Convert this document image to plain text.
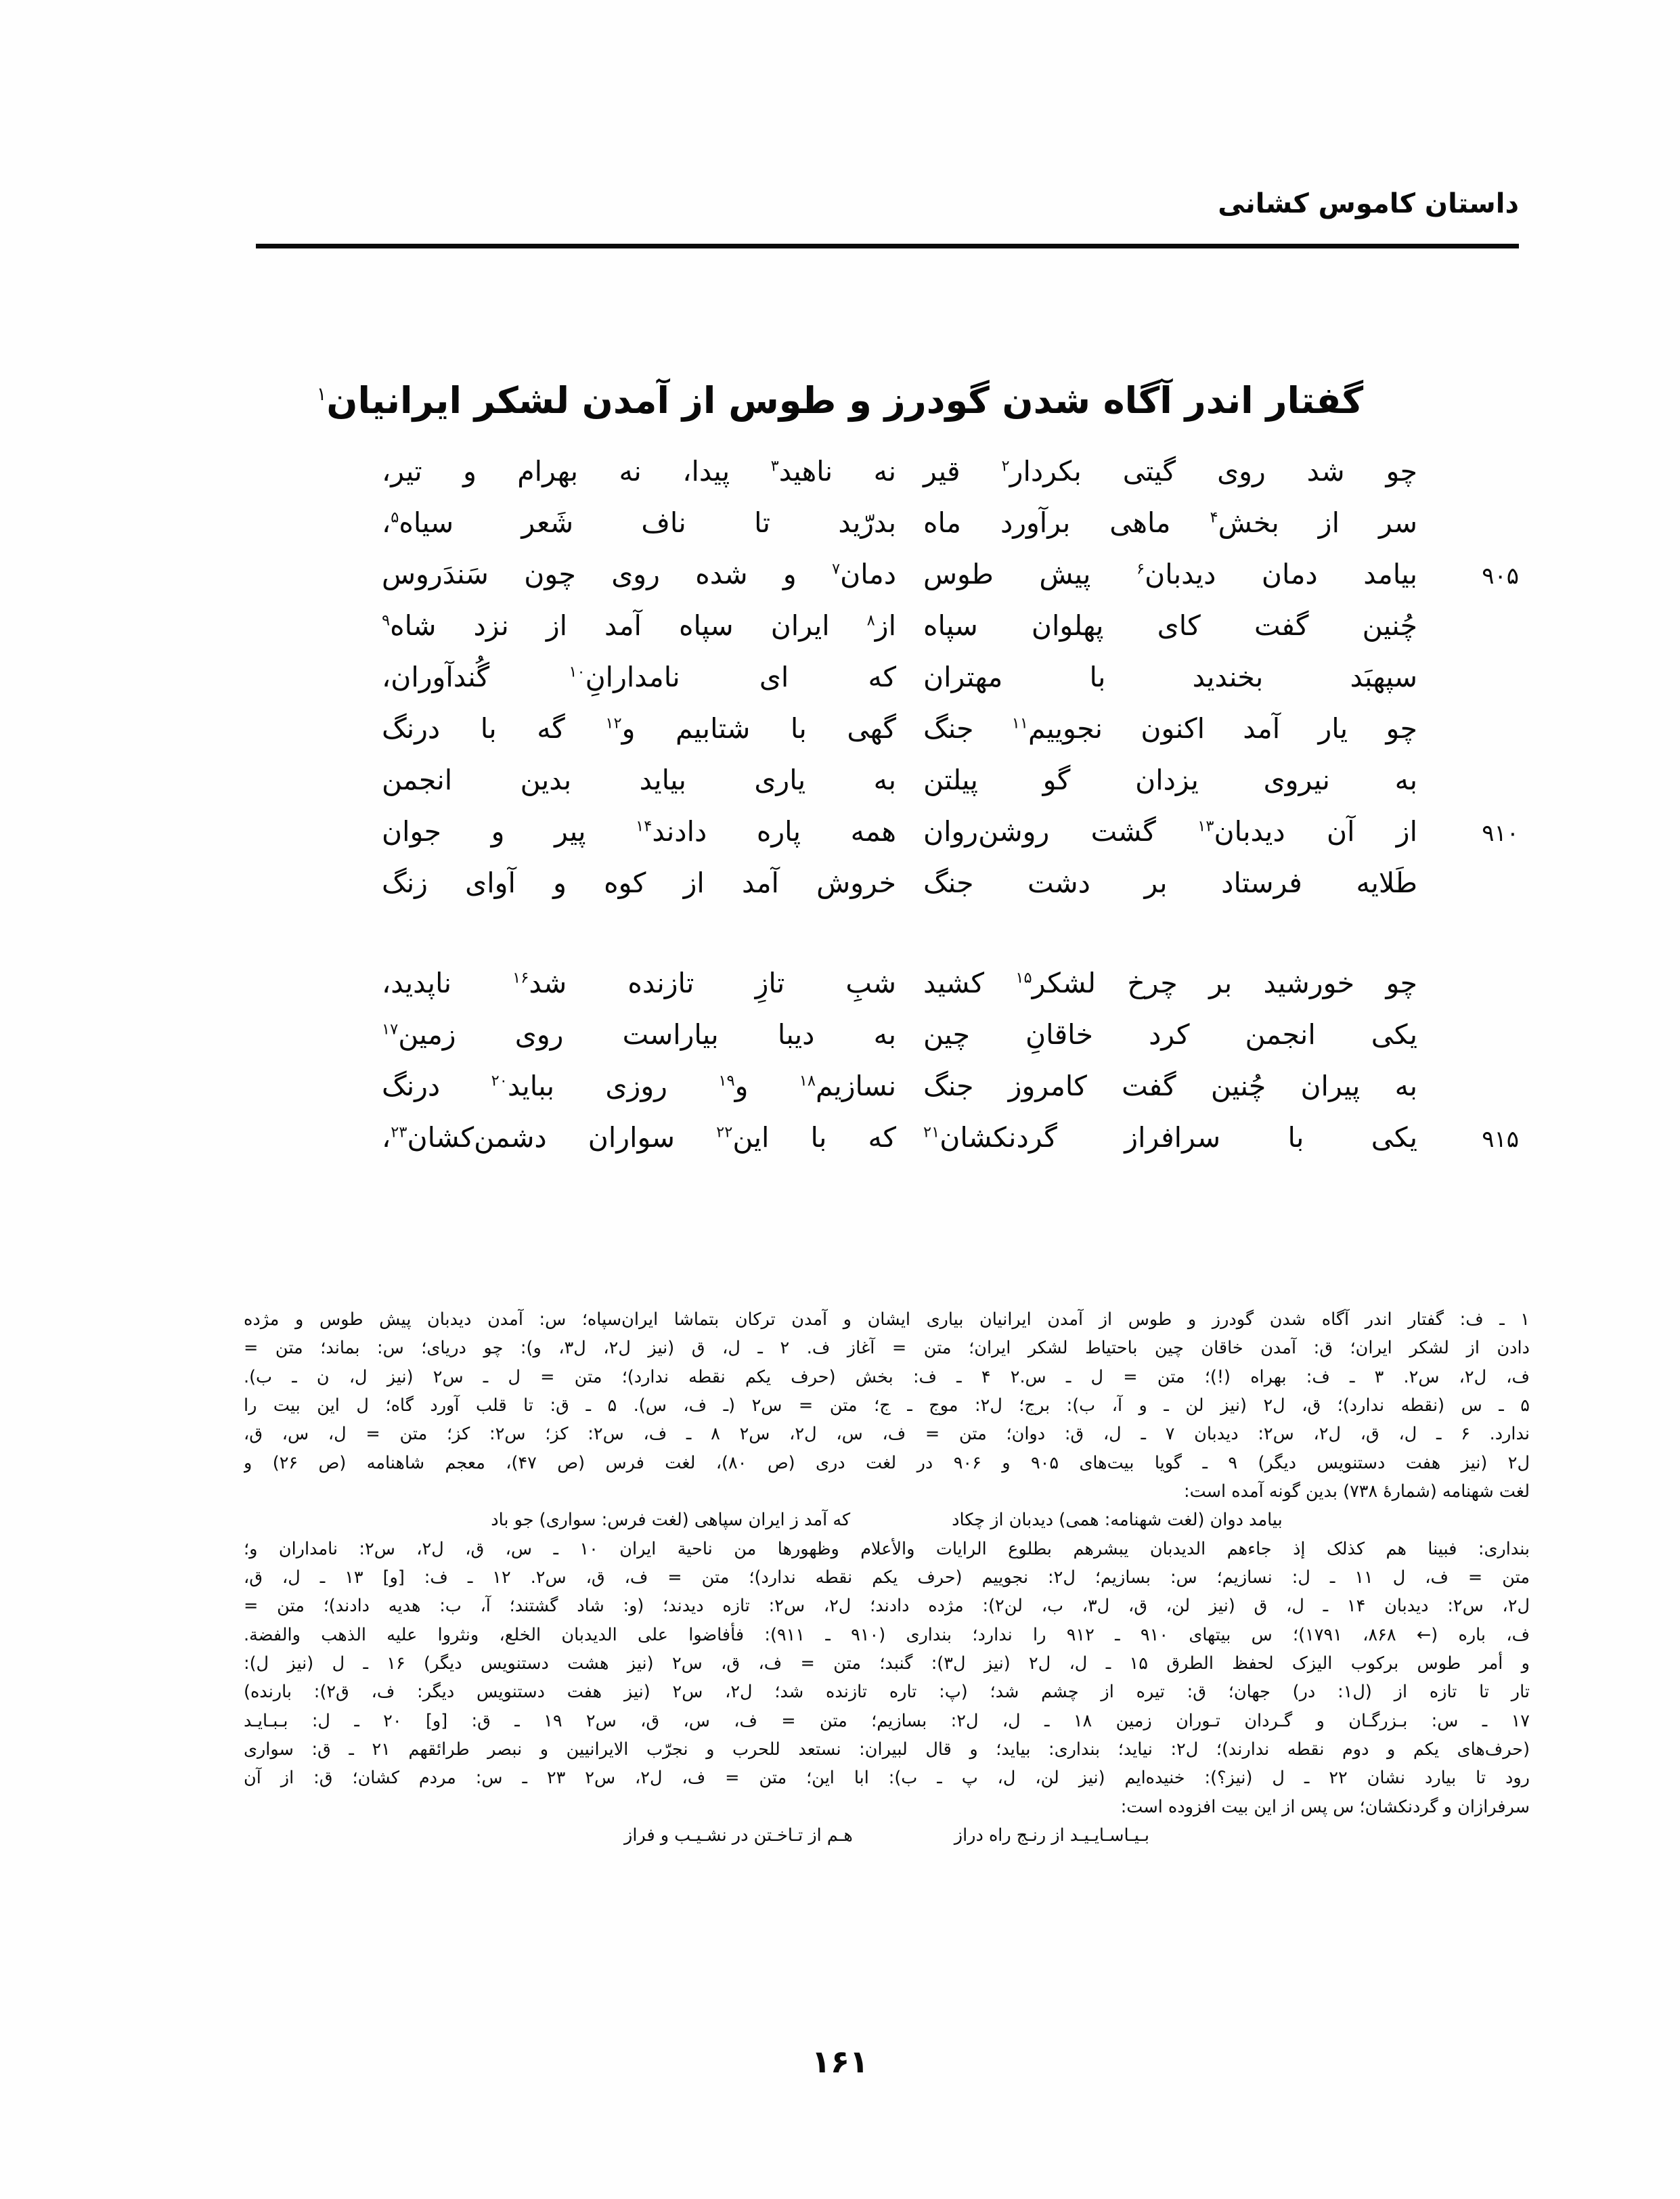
داستان کاموس کشانی
گفتار اندر آگاه شدن گودرز و طوس از آمدن لشکر ایرانیان$^۱$
چو شد روی گیتی بکردار$^۲$ قیر
نه ناهید$^۳$ پیدا، نه بهرام و تیر،
سر از بخش$^۴$ ماهی برآورد ماه
بدرّید تا ناف شَعر سیاه$^۵$،
۹۰۵
بیامد دمان دیدبان$^۶$ پیش طوس
دمان$^۷$ و شده روی چون سَندَروس
چُنین گفت کای پهلوان سپاه
از$^۸$ ایران سپاه آمد از نزد شاه$^۹$
سپهبَد بخندید با مهتران
که ای نامدارانِ$^{۱۰}$ گُندآوران،
چو یار آمد اکنون نجوییم$^{۱۱}$ جنگ
گهی با شتابیم و$^{۱۲}$ گه با درنگ
به نیروی یزدان گو پیلتن
به یاری بیاید بدین انجمن
۹۱۰
از آن دیدبان$^{۱۳}$ گشت روشن‌روان
همه پاره دادند$^{۱۴}$ پیر و جوان
طَلایه فرستاد بر دشت جنگ
خروش آمد از کوه و آوای زنگ
چو خورشید بر چرخ لشکر$^{۱۵}$ کشید
شبِ تازِ تازنده شد$^{۱۶}$ ناپدید،
یکی انجمن کرد خاقانِ چین
به دیبا بیاراست روی زمین$^{۱۷}$
به پیران چُنین گفت کامروز جنگ
نسازیم$^{۱۸}$ و$^{۱۹}$ روزی بباید$^{۲۰}$ درنگ
۹۱۵
یکی با سرافراز گردنکشان$^{۲۱}$
که با این$^{۲۲}$ سواران دشمن‌کشان$^{۲۳}$،
۱ ـ ف: گفتار اندر آگاه شدن گودرز و طوس از آمدن ایرانیان بیاری ایشان و آمدن ترکان بتماشا ایران‌سپاه؛ س: آمدن دیدبان پیش طوس و مژده
دادن از لشکر ایران؛ ق: آمدن خاقان چین باحتیاط لشکر ایران؛ متن = آغاز ف. ۲ ـ ل، ق (نیز ل۲، ل۳، و): چو دریای؛ س: بماند؛ متن =
ف، ل۲، س۲. ۳ ـ ف: بهراه (!)؛ متن = ل ـ س.۲ ۴ ـ ف: بخش (حرف یکم نقطه ندارد)؛ متن = ل ـ س۲ (نیز ل، ن ـ ب).
۵ ـ س (نقطه ندارد)؛ ق، ل۲ (نیز لن ـ و آ، ب): برج؛ ل۲: موج ـ ج؛ متن = س۲ (ـ ف، س). ۵ ـ ق: تا قلب آورد گاه؛ ل این بیت را
ندارد. ۶ ـ ل، ق، ل۲، س۲: دیدبان ۷ ـ ل، ق: دوان؛ متن = ف، س، ل۲، س۲ ۸ ـ ف، س۲: کز؛ س۲: کز؛ متن = ل، س، ق،
ل۲ (نیز هفت دستنویس دیگر) ۹ ـ گویا بیت‌های ۹۰۵ و ۹۰۶ در لغت دری (ص ۸۰)، لغت فرس (ص ۴۷)، معجم شاهنامه (ص ۲۶) و
لغت شهنامه (شمارهٔ ۷۳۸) بدین گونه آمده است:
بیامد دوان (لغت شهنامه: همی) دیدبان از چکاد
که آمد ز ایران سپاهی (لغت فرس: سواری) جو باد
بنداری: فبینا هم کذلک إذ جاءهم الدیدبان یبشرهم بطلوع الرایات والأعلام وظهورها من ناحیة ایران ۱۰ ـ س، ق، ل۲، س۲: نامداران و؛
متن = ف، ل ۱۱ ـ ل: نسازیم؛ س: بسازیم؛ ل۲: نجوییم (حرف یکم نقطه ندارد)؛ متن = ف، ق، س۲. ۱۲ ـ ف: [و] ۱۳ ـ ل، ق،
ل۲، س۲: دیدبان ۱۴ ـ ل، ق (نیز لن، ق، ل۳، ب، لن۲): مژده دادند؛ ل۲، س۲: تازه دیدند؛ (و: شاد گشتند؛ آ، ب: هدیه دادند)؛ متن =
ف، باره (← ۸۶۸، ۱۷۹۱)؛ س بیتهای ۹۱۰ ـ ۹۱۲ را ندارد؛ بنداری (۹۱۰ ـ ۹۱۱): فأفاضوا علی الدیدبان الخلع، ونثروا علیه الذهب والفضة.
و أمر طوس برکوب الیزک لحفظ الطرق ۱۵ ـ ل، ل۲ (نیز ل۳): گنبد؛ متن = ف، ق، س۲ (نیز هشت دستنویس دیگر) ۱۶ ـ ل (نیز ل):
تار تا تازه از (ل۱: در) جهان؛ ق: تیره از چشم شد؛ (پ: تاره تازنده شد؛ ل۲، س۲ (نیز هفت دستنویس دیگر: ف، ق۲): بارنده)
۱۷ ـ س: بـزرگـان و گـردان تـوران زمین ۱۸ ـ ل، ل۲: بسازیم؛ متن = ف، س، ق، س۲ ۱۹ ـ ق: [و] ۲۰ ـ ل: بـبـایـد
(حرف‌های یکم و دوم نقطه ندارند)؛ ل۲: نیاید؛ بنداری: بیاید؛ و قال لبیران: نستعد للحرب و نجرّب الایرانیین و نبصر طرائقهم ۲۱ ـ ق: سواری
رود تا بیارد نشان ۲۲ ـ ل (نیز؟): خنیده‌ایم (نیز لن، ل، پ ـ ب): ابا این؛ متن = ف، ل۲، س۲ ۲۳ ـ س: مردم کشان؛ ق: از آن
سرفرازان و گردنکشان؛ س پس از این بیت افزوده است:
بـیـاسـایـیـد از رنـج راه دراز
هـم از تـاخـتن در نشـیـب و فراز
۱۶۱
